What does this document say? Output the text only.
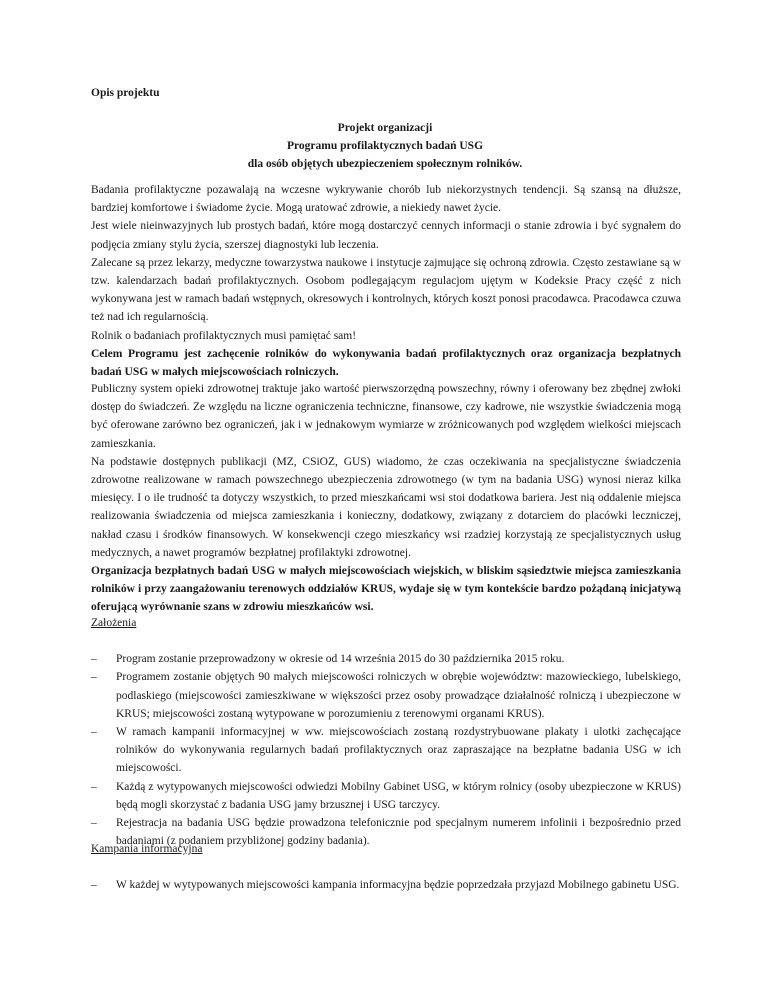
Opis projektu
Projekt organizacji
Programu profilaktycznych badań USG
dla osób objętych ubezpieczeniem społecznym rolników.

Badania profilaktyczne pozawalają na wczesne wykrywanie chorób lub niekorzystnych tendencji. Są szansą na dłuższe, bardziej komfortowe i świadome życie. Mogą uratować zdrowie, a niekiedy nawet życie.

Jest wiele nieinwazyjnych lub prostych badań, które mogą dostarczyć cennych informacji o stanie zdrowia i być sygnałem do podjęcia zmiany stylu życia, szerszej diagnostyki lub leczenia.

Zalecane są przez lekarzy, medyczne towarzystwa naukowe i instytucje zajmujące się ochroną zdrowia. Często zestawiane są w tzw. kalendarzach badań profilaktycznych. Osobom podlegającym regulacjom ujętym w Kodeksie Pracy część z nich wykonywana jest w ramach badań wstępnych, okresowych i kontrolnych, których koszt ponosi pracodawca. Pracodawca czuwa też nad ich regularnością.

Rolnik o badaniach profilaktycznych musi pamiętać sam!

Celem Programu jest zachęcenie rolników do wykonywania badań profilaktycznych oraz organizacja bezpłatnych badań USG w małych miejscowościach rolniczych.

Publiczny system opieki zdrowotnej traktuje jako wartość pierwszorzędną powszechny, równy i oferowany bez zbędnej zwłoki dostęp do świadczeń. Ze względu na liczne ograniczenia techniczne, finansowe, czy kadrowe, nie wszystkie świadczenia mogą być oferowane zarówno bez ograniczeń, jak i w jednakowym wymiarze w zróżnicowanych pod względem wielkości miejscach zamieszkania.

Na podstawie dostępnych publikacji (MZ, CSiOZ, GUS) wiadomo, że czas oczekiwania na specjalistyczne świadczenia zdrowotne realizowane w ramach powszechnego ubezpieczenia zdrowotnego (w tym na badania USG) wynosi nieraz kilka miesięcy. I o ile trudność ta dotyczy wszystkich, to przed mieszkańcami wsi stoi dodatkowa bariera. Jest nią oddalenie miejsca realizowania świadczenia od miejsca zamieszkania i konieczny, dodatkowy, związany z dotarciem do placówki leczniczej, nakład czasu i środków finansowych. W konsekwencji czego mieszkańcy wsi rzadziej korzystają ze specjalistycznych usług medycznych, a nawet programów bezpłatnej profilaktyki zdrowotnej.

Organizacja bezpłatnych badań USG w małych miejscowościach wiejskich, w bliskim sąsiedztwie miejsca zamieszkania rolników i przy zaangażowaniu terenowych oddziałów KRUS, wydaje się w tym kontekście bardzo pożądaną inicjatywą oferującą wyrównanie szans w zdrowiu mieszkańców wsi.

Założenia

– Program zostanie przeprowadzony w okresie od 14 września 2015 do 30 października 2015 roku.
– Programem zostanie objętych 90 małych miejscowości rolniczych w obrębie województw: mazowieckiego, lubelskiego, podlaskiego (miejscowości zamieszkiwane w większości przez osoby prowadzące działalność rolniczą i ubezpieczone w KRUS; miejscowości zostaną wytypowane w porozumieniu z terenowymi organami KRUS).
– W ramach kampanii informacyjnej w ww. miejscowościach zostaną rozdystrybuowane plakaty i ulotki zachęcające rolników do wykonywania regularnych badań profilaktycznych oraz zapraszające na bezpłatne badania USG w ich miejscowości.
– Każdą z wytypowanych miejscowości odwiedzi Mobilny Gabinet USG, w którym rolnicy (osoby ubezpieczone w KRUS) będą mogli skorzystać z badania USG jamy brzusznej i USG tarczycy.
– Rejestracja na badania USG będzie prowadzona telefonicznie pod specjalnym numerem infolinii i bezpośrednio przed badaniami (z podaniem przybliżonej godziny badania).

Kampania informacyjna

– W każdej w wytypowanych miejscowości kampania informacyjna będzie poprzedzała przyjazd Mobilnego gabinetu USG.
